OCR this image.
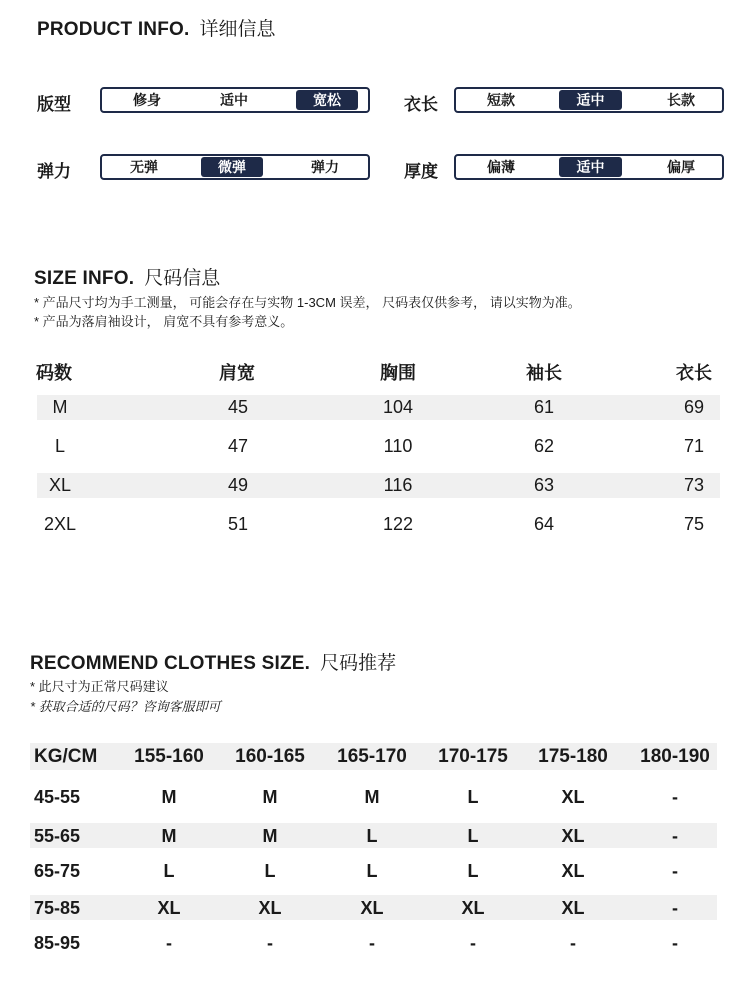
PRODUCT INFO. 详细信息
版型	修身	适中	宽松	衣长	短款	适中	长款
弹力	无弹	微弹	弹力	厚度	偏薄	适中	偏厚
SIZE INFO. 尺码信息
* 产品尺寸均为手工测量， 可能会存在与实物 1-3CM 误差， 尺码表仅供参考， 请以实物为准。
* 产品为落肩袖设计， 肩宽不具有参考意义。
码数	肩宽	胸围	袖长	衣长
M	45	104	61	69
L	47	110	62	71
XL	49	116	63	73
2XL	51	122	64	75
RECOMMEND CLOTHES SIZE. 尺码推荐
* 此尺寸为正常尺码建议
* 获取合适的尺码？咨询客服即可
KG/CM	155-160	160-165	165-170	170-175	175-180	180-190
45-55	M	M	M	L	XL	-
55-65	M	M	L	L	XL	-
65-75	L	L	L	L	XL	-
75-85	XL	XL	XL	XL	XL	-
85-95	-	-	-	-	-	-
